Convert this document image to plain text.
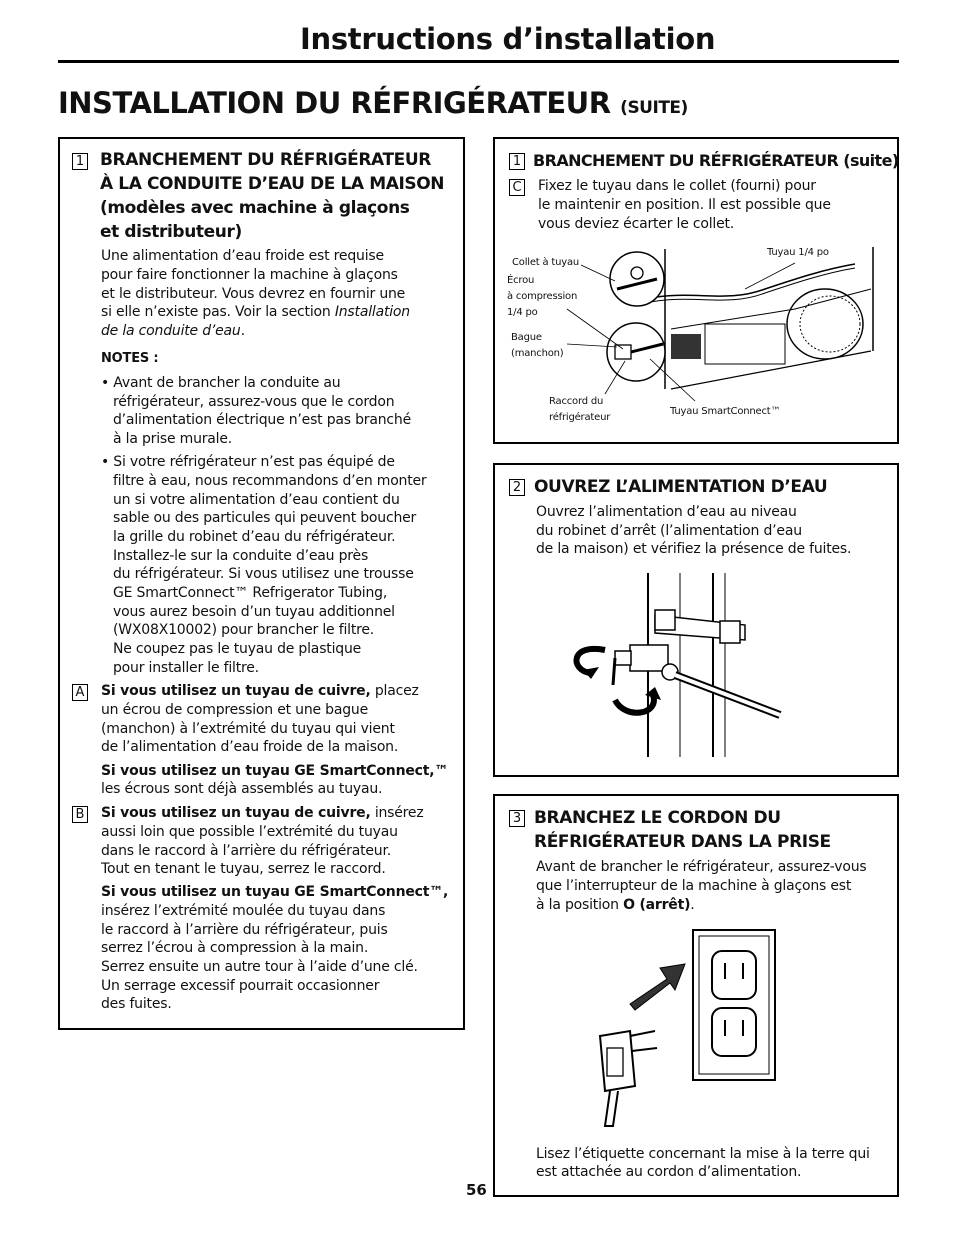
Instructions d’installation
INSTALLATION DU RÉFRIGÉRATEUR (SUITE)
1 BRANCHEMENT DU RÉFRIGÉRATEUR
À LA CONDUITE D’EAU DE LA MAISON
(modèles avec machine à glaçons
et distributeur)
Une alimentation d’eau froide est requise
pour faire fonctionner la machine à glaçons
et le distributeur. Vous devrez en fournir une
si elle n’existe pas. Voir la section Installation
de la conduite d’eau.
NOTES :
• Avant de brancher la conduite au
réfrigérateur, assurez-vous que le cordon
d’alimentation électrique n’est pas branché
à la prise murale.
• Si votre réfrigérateur n’est pas équipé de
filtre à eau, nous recommandons d’en monter
un si votre alimentation d’eau contient du
sable ou des particules qui peuvent boucher
la grille du robinet d’eau du réfrigérateur.
Installez-le sur la conduite d’eau près
du réfrigérateur. Si vous utilisez une trousse
GE SmartConnect™ Refrigerator Tubing,
vous aurez besoin d’un tuyau additionnel
(WX08X10002) pour brancher le filtre.
Ne coupez pas le tuyau de plastique
pour installer le filtre.
A Si vous utilisez un tuyau de cuivre, placez
un écrou de compression et une bague
(manchon) à l’extrémité du tuyau qui vient
de l’alimentation d’eau froide de la maison.
Si vous utilisez un tuyau GE SmartConnect,™
les écrous sont déjà assemblés au tuyau.
B Si vous utilisez un tuyau de cuivre, insérez
aussi loin que possible l’extrémité du tuyau
dans le raccord à l’arrière du réfrigérateur.
Tout en tenant le tuyau, serrez le raccord.
Si vous utilisez un tuyau GE SmartConnect™,
insérez l’extrémité moulée du tuyau dans
le raccord à l’arrière du réfrigérateur, puis
serrez l’écrou à compression à la main.
Serrez ensuite un autre tour à l’aide d’une clé.
Un serrage excessif pourrait occasionner
des fuites.
1 BRANCHEMENT DU RÉFRIGÉRATEUR (suite)
C Fixez le tuyau dans le collet (fourni) pour
le maintenir en position. Il est possible que
vous deviez écarter le collet.
Collet à tuyau
Écrou
à compression
1/4 po
Bague
(manchon)
Raccord du
réfrigérateur
Tuyau 1/4 po
Tuyau SmartConnect™
2 OUVREZ L’ALIMENTATION D’EAU
Ouvrez l’alimentation d’eau au niveau
du robinet d’arrêt (l’alimentation d’eau
de la maison) et vérifiez la présence de fuites.
3 BRANCHEZ LE CORDON DU
RÉFRIGÉRATEUR DANS LA PRISE
Avant de brancher le réfrigérateur, assurez-vous
que l’interrupteur de la machine à glaçons est
à la position O (arrêt).
Lisez l’étiquette concernant la mise à la terre qui
est attachée au cordon d’alimentation.
56
